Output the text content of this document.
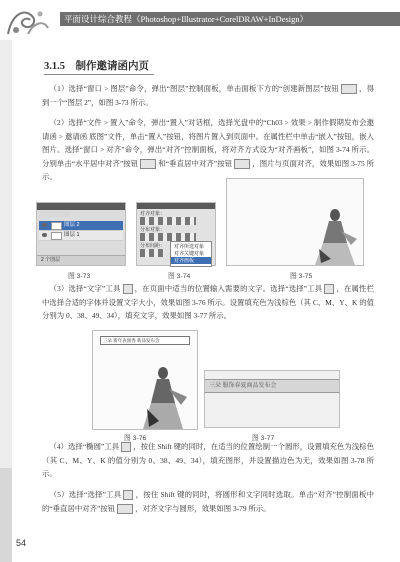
平面设计综合教程（Photoshop+Illustrator+CorelDRAW+InDesign）
3.1.5　制作邀请函内页
 （1）选择“窗口 > 图层”命令，弹出“图层”控制面板，单击面板下方的“创建新图层”按钮	，得到一个“图层 2”，如图 3-73 所示。
 （2）选择“文件 > 置入”命令，弹出“置入”对话框，选择光盘中的“Ch03 > 效果 > 制作假期发布会邀请函 > 邀请函 底图”文件，单击“置入”按钮，将图片置入到页面中。在属性栏中单击“嵌入”按钮，嵌入图片。选择“窗口 > 对齐”命令，弹出“对齐”控制面板，将对齐方式设为“对齐画板”，如图 3-74 所示。分别单击“水平居中对齐”按钮	和“垂直居中对齐”按钮	，图片与页面对齐，效果如图 3-75 所示。
图层 2
图层 1
2 个图层
图 3-73
对齐对象：
分布对象：
分布间距： 对齐所选对象
对齐关键对象
对齐画板
图 3-74	图 3-75
 （3）选择“文字”工具 ，在页面中适当的位置输入需要的文字。选择“选择”工具 ，在属性栏中选择合适的字体并设置文字大小，效果如图 3-76 所示。设置填充色为浅棕色（其 C、M、Y、K 的值分别为 0、38、49、34），填充文字，效果如图 3-77 所示。
三朵 新年表演秀 新品发布会
图 3-76
三朵 服饰春夏商品发布会
图 3-77
 （4）选择“椭圆”工具 ，按住 Shift 键的同时，在适当的位置绘制一个圆形，设置填充色为浅棕色（其 C、M、Y、K 的值分别为 0、38、49、34），填充图形，并设置描边色为无，效果如图 3-78 所示。
 （5）选择“选择”工具 ，按住 Shift 键的同时，将圆形和文字同时选取。单击“对齐”控制面板中的“垂直居中对齐”按钮	，对齐文字与圆形，效果如图 3-79 所示。
54
